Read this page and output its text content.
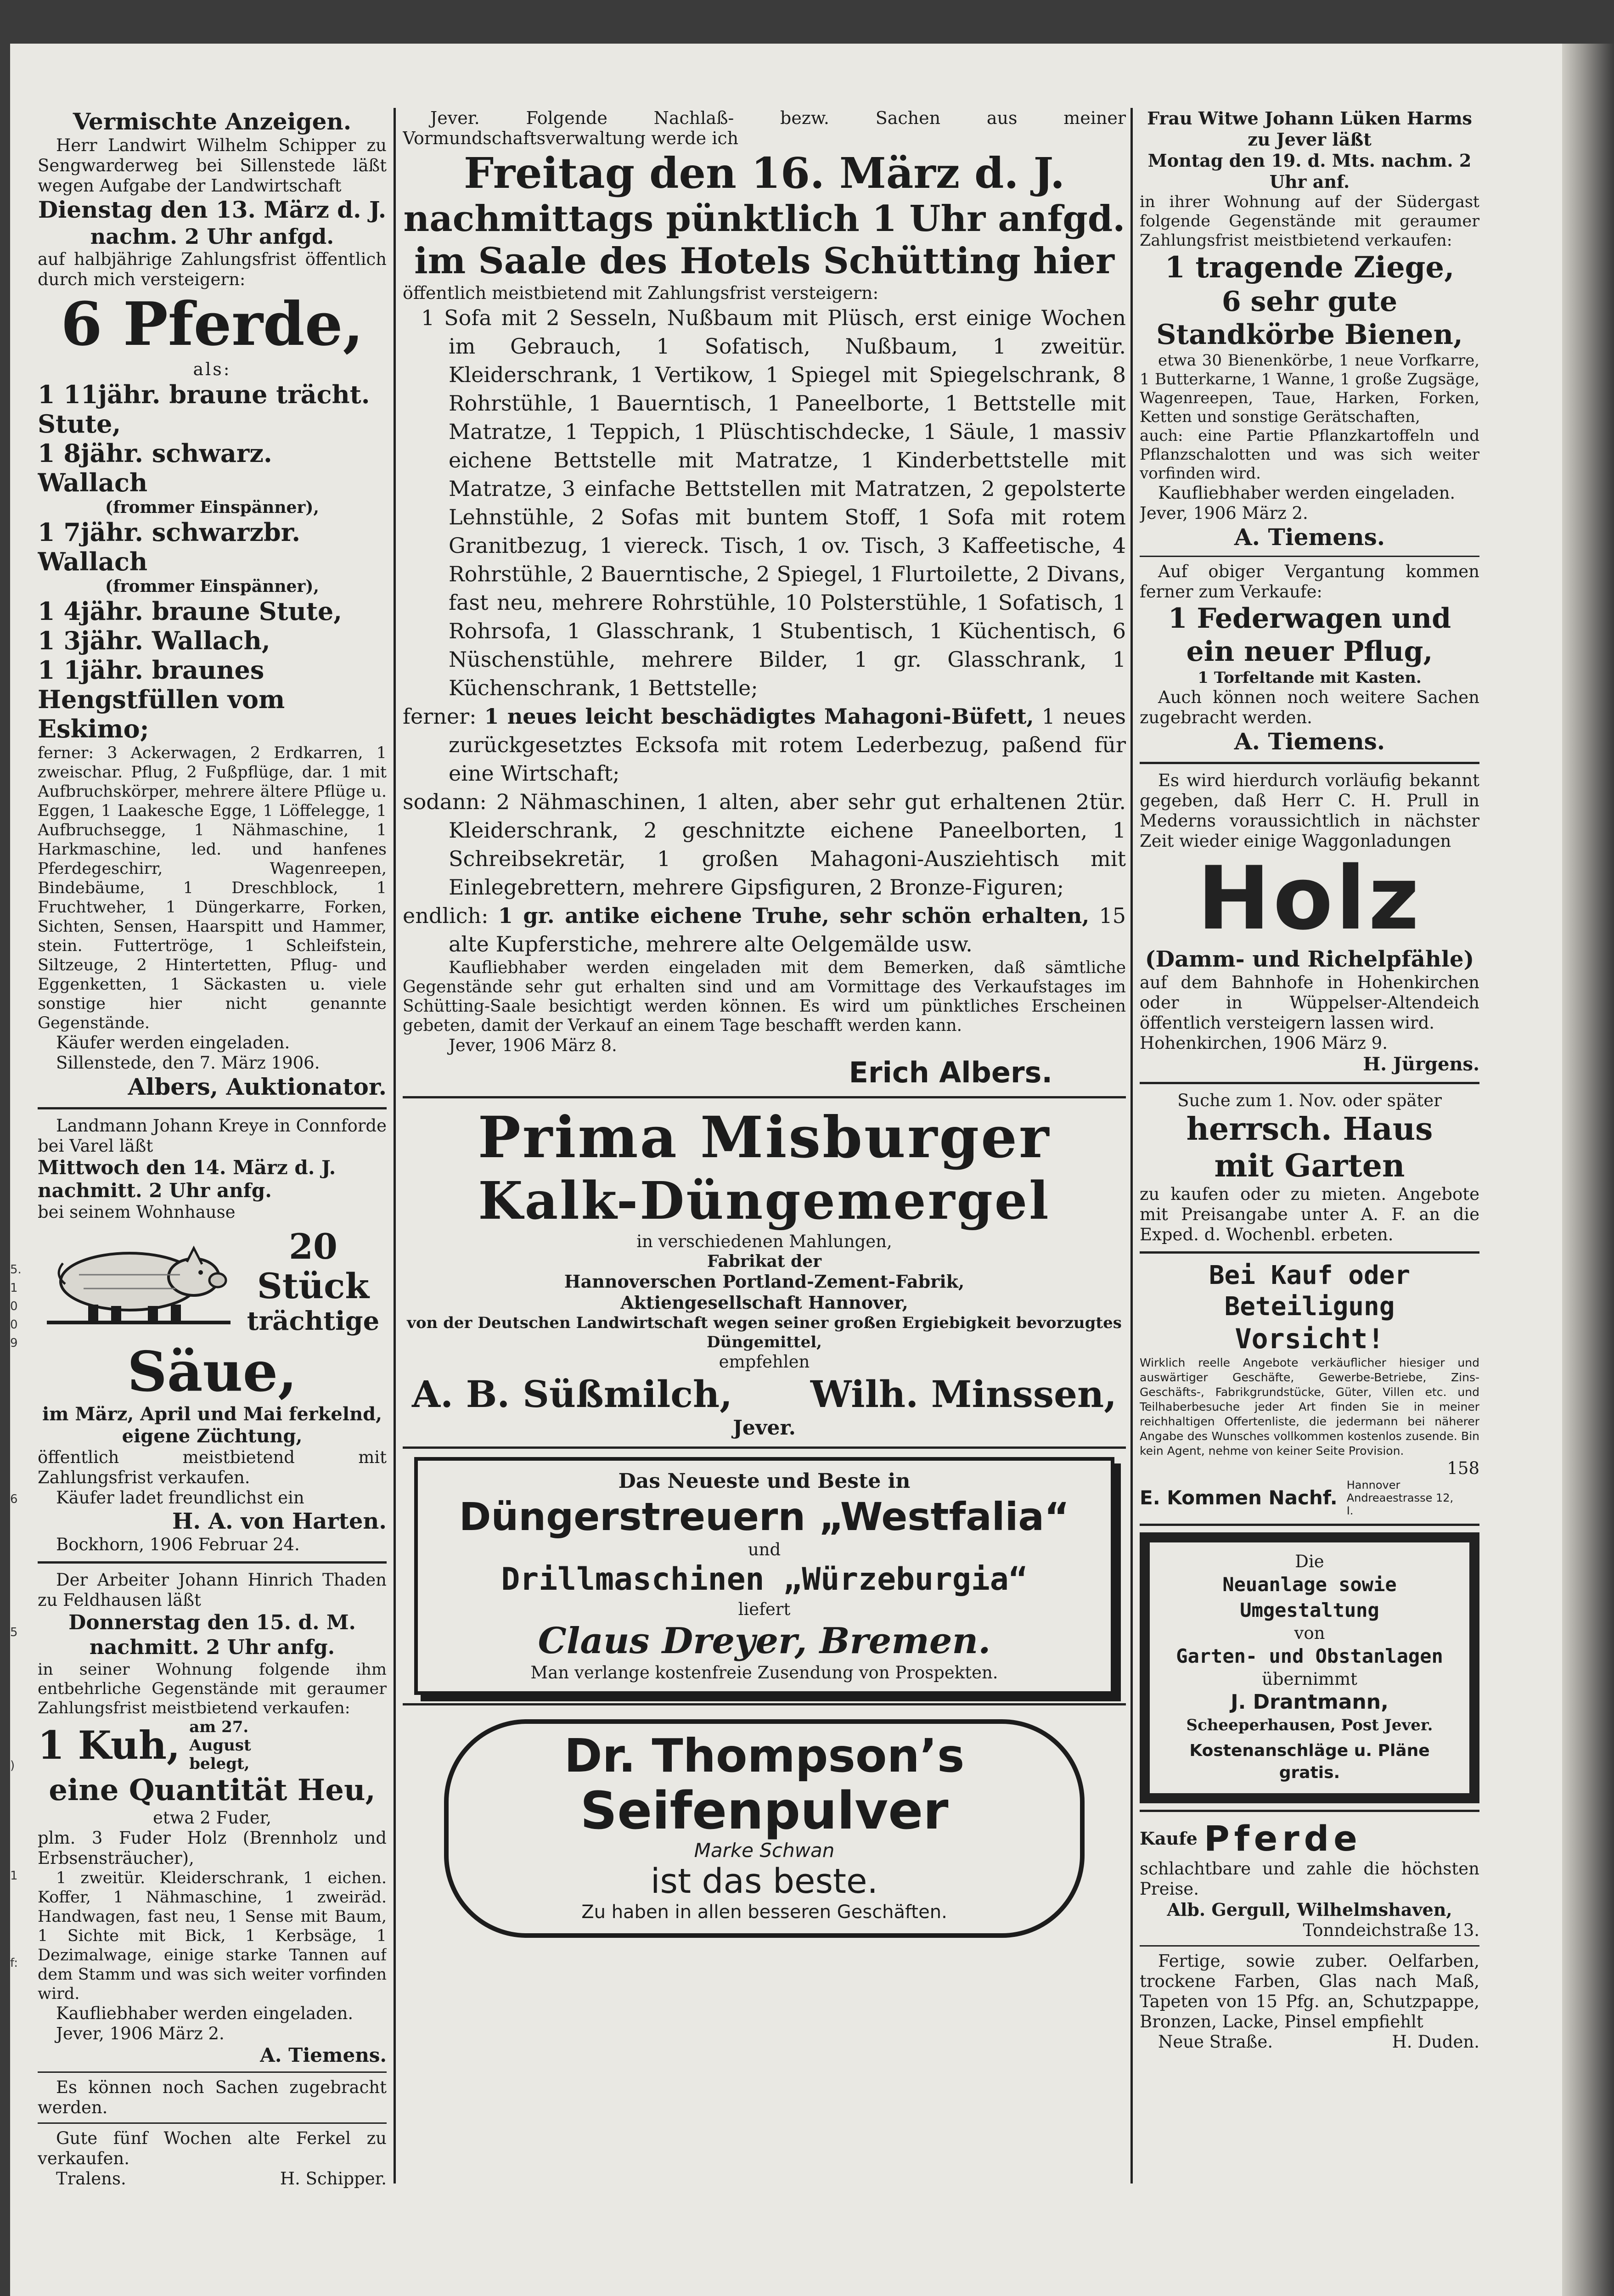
5.
1
0
0
9
6
5
)
1
f:

Vermischte Anzeigen.

Herr Landwirt Wilhelm Schipper zu Sengwarderweg bei Sillenstede läßt wegen Aufgabe der Landwirtschaft

Dienstag den 13. März d. J.

nachm. 2 Uhr anfgd.

auf halbjährige Zahlungsfrist öffentlich durch mich versteigern:

6 Pferde,

als:

1 11jähr. braune trächt. Stute,

1 8jähr. schwarz. Wallach

(frommer Einspänner),

1 7jähr. schwarzbr. Wallach

(frommer Einspänner),

1 4jähr. braune Stute,

1 3jähr. Wallach,

1 1jähr. braunes Hengstfüllen vom Eskimo;

ferner: 3 Ackerwagen, 2 Erdkarren, 1 zweischar. Pflug, 2 Fußpflüge, dar. 1 mit Aufbruchskörper, mehrere ältere Pflüge u. Eggen, 1 Laakesche Egge, 1 Löffelegge, 1 Aufbruchsegge, 1 Nähmaschine, 1 Harkmaschine, led. und hanfenes Pferdegeschirr, Wagenreepen, Bindebäume, 1 Dreschblock, 1 Fruchtweher, 1 Düngerkarre, Forken, Sichten, Sensen, Haarspitt und Hammer, stein. Futtertröge, 1 Schleifstein, Siltzeuge, 2 Hintertetten, Pflug- und Eggenketten, 1 Säckasten u. viele sonstige hier nicht genannte Gegenstände.

Käufer werden eingeladen.

Sillenstede, den 7. März 1906.

Albers, Auktionator.

Landmann Johann Kreye in Connforde bei Varel läßt

Mittwoch den 14. März d. J. nachmitt. 2 Uhr anfg.

bei seinem Wohnhause

20 Stück

trächtige

Säue,

im März, April und Mai ferkelnd, eigene Züchtung,

öffentlich meistbietend mit Zahlungsfrist verkaufen.

Käufer ladet freundlichst ein

H. A. von Harten.

Bockhorn, 1906 Februar 24.

Der Arbeiter Johann Hinrich Thaden zu Feldhausen läßt

Donnerstag den 15. d. M. nachmitt. 2 Uhr anfg.

in seiner Wohnung folgende ihm entbehrliche Gegenstände mit geraumer Zahlungsfrist meistbietend verkaufen:

1 Kuh, am 27. August belegt,

eine Quantität Heu,

etwa 2 Fuder,

plm. 3 Fuder Holz (Brennholz und Erbsensträucher),

1 zweitür. Kleiderschrank, 1 eichen. Koffer, 1 Nähmaschine, 1 zweiräd. Handwagen, fast neu, 1 Sense mit Baum, 1 Sichte mit Bick, 1 Kerbsäge, 1 Dezimalwage, einige starke Tannen auf dem Stamm und was sich weiter vorfinden wird.

Kaufliebhaber werden eingeladen.

Jever, 1906 März 2.

A. Tiemens.

Es können noch Sachen zugebracht werden.

Gute fünf Wochen alte Ferkel zu verkaufen.

Tralens.	H. Schipper.

Jever. Folgende Nachlaß- bezw. Sachen aus meiner Vormundschaftsverwaltung werde ich

Freitag den 16. März d. J.

nachmittags pünktlich 1 Uhr anfgd.

im Saale des Hotels Schütting hier

öffentlich meistbietend mit Zahlungsfrist versteigern:

1 Sofa mit 2 Sesseln, Nußbaum mit Plüsch, erst einige Wochen im Gebrauch, 1 Sofatisch, Nußbaum, 1 zweitür. Kleiderschrank, 1 Vertikow, 1 Spiegel mit Spiegelschrank, 8 Rohrstühle, 1 Bauerntisch, 1 Paneelborte, 1 Bettstelle mit Matratze, 1 Teppich, 1 Plüschtischdecke, 1 Säule, 1 massiv eichene Bettstelle mit Matratze, 1 Kinderbettstelle mit Matratze, 3 einfache Bettstellen mit Matratzen, 2 gepolsterte Lehnstühle, 2 Sofas mit buntem Stoff, 1 Sofa mit rotem Granitbezug, 1 viereck. Tisch, 1 ov. Tisch, 3 Kaffeetische, 4 Rohrstühle, 2 Bauerntische, 2 Spiegel, 1 Flurtoilette, 2 Divans, fast neu, mehrere Rohrstühle, 10 Polsterstühle, 1 Sofatisch, 1 Rohrsofa, 1 Glasschrank, 1 Stubentisch, 1 Küchentisch, 6 Nüschenstühle, mehrere Bilder, 1 gr. Glasschrank, 1 Küchenschrank, 1 Bettstelle;

ferner: 1 neues leicht beschädigtes Mahagoni-Büfett, 1 neues zurückgesetztes Ecksofa mit rotem Lederbezug, paßend für eine Wirtschaft;

sodann: 2 Nähmaschinen, 1 alten, aber sehr gut erhaltenen 2tür. Kleiderschrank, 2 geschnitzte eichene Paneelborten, 1 Schreibsekretär, 1 großen Mahagoni-Ausziehtisch mit Einlegebrettern, mehrere Gipsfiguren, 2 Bronze-Figuren;

endlich: 1 gr. antike eichene Truhe, sehr schön erhalten, 15 alte Kupferstiche, mehrere alte Oelgemälde usw.

Kaufliebhaber werden eingeladen mit dem Bemerken, daß sämtliche Gegenstände sehr gut erhalten sind und am Vormittage des Verkaufstages im Schütting-Saale besichtigt werden können. Es wird um pünktliches Erscheinen gebeten, damit der Verkauf an einem Tage beschafft werden kann.

Jever, 1906 März 8.

Erich Albers.

Prima Misburger

Kalk-Düngemergel

in verschiedenen Mahlungen,

Fabrikat der

Hannoverschen Portland-Zement-Fabrik,

Aktiengesellschaft Hannover,

von der Deutschen Landwirtschaft wegen seiner großen Ergiebigkeit bevorzugtes Düngemittel,

empfehlen

A. B. Süßmilch, Wilh. Minssen,

Jever.

Das Neueste und Beste in

Düngerstreuern „Westfalia“

und

Drillmaschinen „Würzeburgia“

liefert

Claus Dreyer, Bremen.

Man verlange kostenfreie Zusendung von Prospekten.

Dr. Thompson’s

Seifenpulver

Marke Schwan

ist das beste.

Zu haben in allen besseren Geschäften.

Frau Witwe Johann Lüken Harms zu Jever läßt

Montag den 19. d. Mts. nachm. 2 Uhr anf.

in ihrer Wohnung auf der Südergast folgende Gegenstände mit geraumer Zahlungsfrist meistbietend verkaufen:

1 tragende Ziege,

6 sehr gute Standkörbe Bienen,

etwa 30 Bienenkörbe, 1 neue Vorfkarre, 1 Butterkarne, 1 Wanne, 1 große Zugsäge, Wagenreepen, Taue, Harken, Forken, Ketten und sonstige Gerätschaften,

auch: eine Partie Pflanzkartoffeln und Pflanzschalotten und was sich weiter vorfinden wird.

Kaufliebhaber werden eingeladen.

Jever, 1906 März 2.

A. Tiemens.

Auf obiger Vergantung kommen ferner zum Verkaufe:

1 Federwagen und

ein neuer Pflug,

1 Torfeltande mit Kasten.

Auch können noch weitere Sachen zugebracht werden.

A. Tiemens.

Es wird hierdurch vorläufig bekannt gegeben, daß Herr C. H. Prull in Mederns voraussichtlich in nächster Zeit wieder einige Waggonladungen

Holz

(Damm- und Richelpfähle)

auf dem Bahnhofe in Hohenkirchen oder in Wüppelser-Altendeich öffentlich versteigern lassen wird.

Hohenkirchen, 1906 März 9.

H. Jürgens.

Suche zum 1. Nov. oder später

herrsch. Haus

mit Garten

zu kaufen oder zu mieten. Angebote mit Preisangabe unter A. F. an die Exped. d. Wochenbl. erbeten.

Bei Kauf oder Beteiligung

Vorsicht!

Wirklich reelle Angebote verkäuflicher hiesiger und auswärtiger Geschäfte, Gewerbe-Betriebe, Zins-Geschäfts-, Fabrikgrundstücke, Güter, Villen etc. und Teilhaberbesuche jeder Art finden Sie in meiner reichhaltigen Offertenliste, die jedermann bei näherer Angabe des Wunsches vollkommen kostenlos zusende. Bin kein Agent, nehme von keiner Seite Provision.

158

E. Kommen Nachf.
Hannover Andreaestrasse 12, I.

Die

Neuanlage sowie Umgestaltung

von

Garten- und Obstanlagen

übernimmt

J. Drantmann,

Scheeperhausen, Post Jever.

Kostenanschläge u. Pläne gratis.

Kaufe Pferde

schlachtbare und zahle die höchsten Preise.

Alb. Gergull, Wilhelmshaven,

Tonndeichstraße 13.

Fertige, sowie zuber. Oelfarben, trockene Farben, Glas nach Maß, Tapeten von 15 Pfg. an, Schutzpappe, Bronzen, Lacke, Pinsel empfiehlt

Neue Straße.	H. Duden.
